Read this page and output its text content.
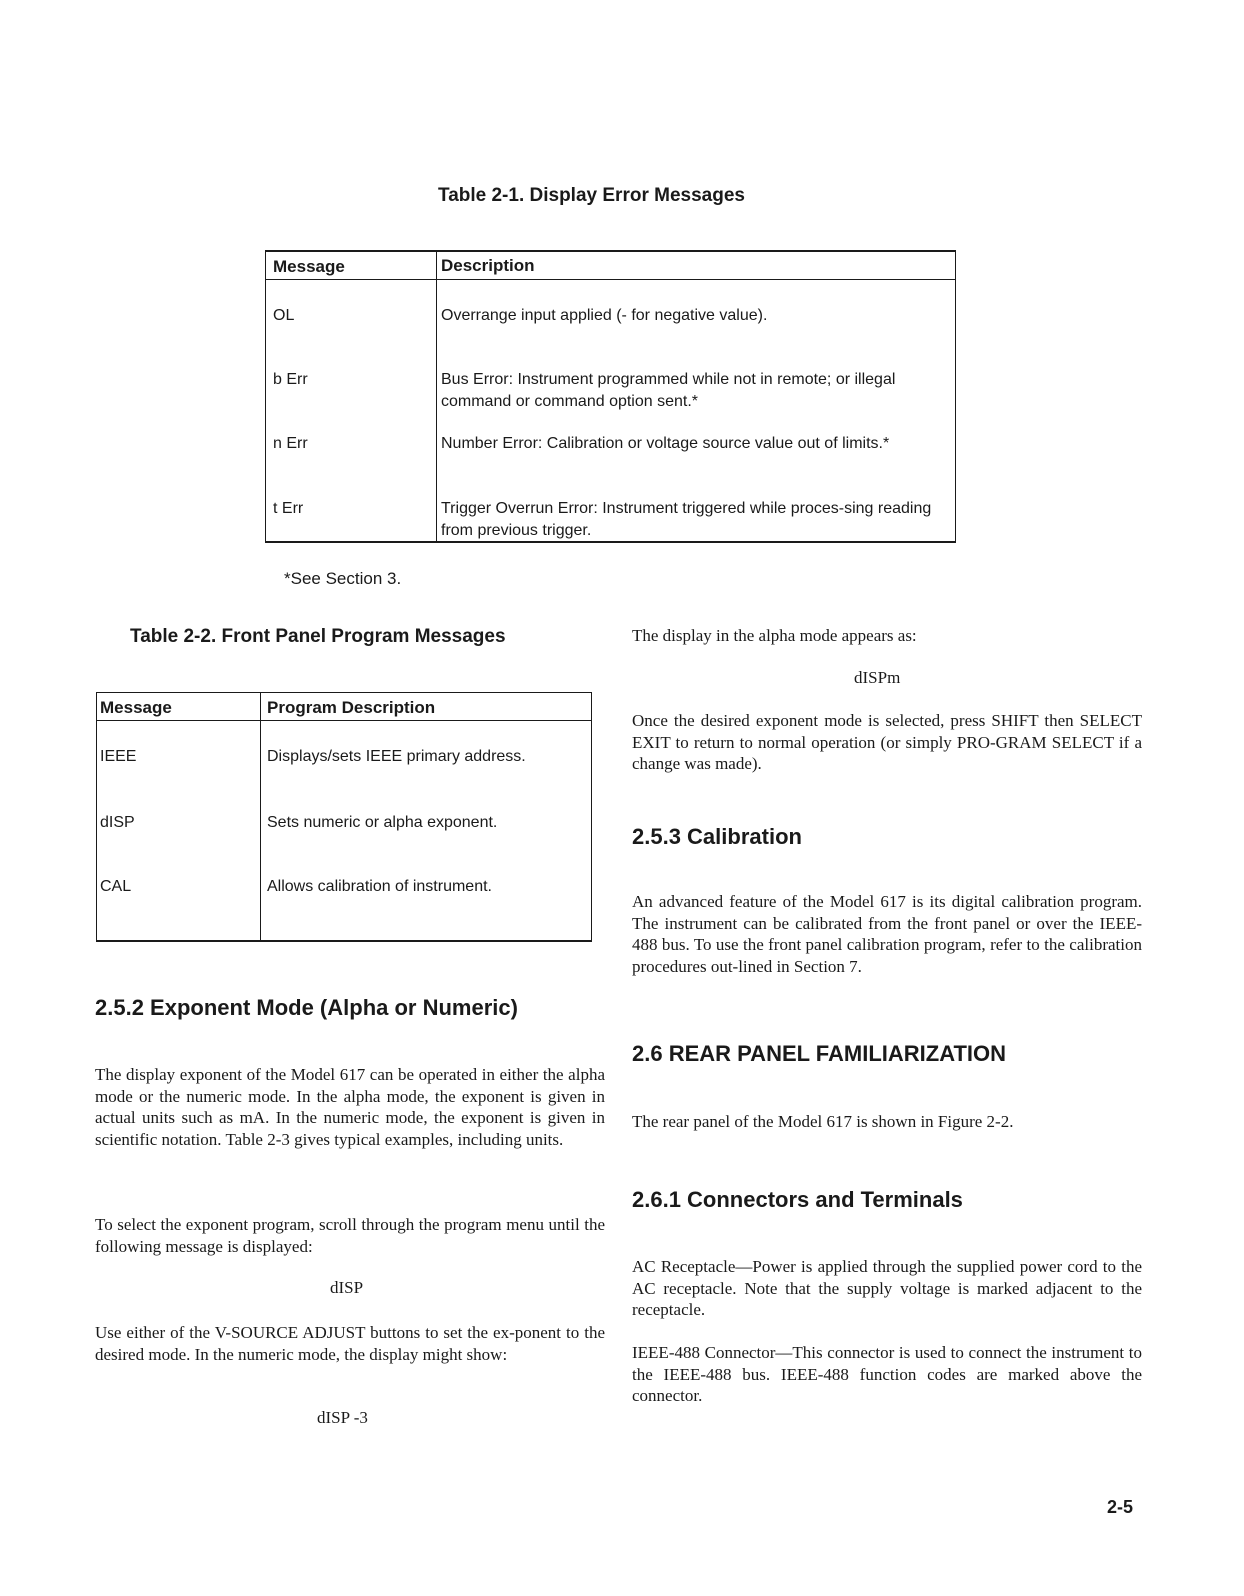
Table 2-1. Display Error Messages
Message	Description
OL	Overrange input applied (- for negative value).
b Err	Bus Error: Instrument programmed while not in remote; or illegal command or command option sent.*
n Err	Number Error: Calibration or voltage source value out of limits.*
t Err	Trigger Overrun Error: Instrument triggered while proces-sing reading from previous trigger.
*See Section 3.
Table 2-2. Front Panel Program Messages
Message	Program Description
IEEE	Displays/sets IEEE primary address.
dISP	Sets numeric or alpha exponent.
CAL	Allows calibration of instrument.
2.5.2 Exponent Mode (Alpha or Numeric)
The display exponent of the Model 617 can be operated in either the alpha mode or the numeric mode. In the alpha mode, the exponent is given in actual units such as mA. In the numeric mode, the exponent is given in scientific notation. Table 2-3 gives typical examples, including units.
To select the exponent program, scroll through the program menu until the following message is displayed:
dISP
Use either of the V-SOURCE ADJUST buttons to set the ex-ponent to the desired mode. In the numeric mode, the display might show:
dISP -3
The display in the alpha mode appears as:
dISPm
Once the desired exponent mode is selected, press SHIFT then SELECT EXIT to return to normal operation (or simply PRO-GRAM SELECT if a change was made).
2.5.3 Calibration
An advanced feature of the Model 617 is its digital calibration program. The instrument can be calibrated from the front panel or over the IEEE-488 bus. To use the front panel calibration program, refer to the calibration procedures out-lined in Section 7.
2.6 REAR PANEL FAMILIARIZATION
The rear panel of the Model 617 is shown in Figure 2-2.
2.6.1 Connectors and Terminals
AC Receptacle—Power is applied through the supplied power cord to the AC receptacle. Note that the supply voltage is marked adjacent to the receptacle.
IEEE-488 Connector—This connector is used to connect the instrument to the IEEE-488 bus. IEEE-488 function codes are marked above the connector.
2-5
